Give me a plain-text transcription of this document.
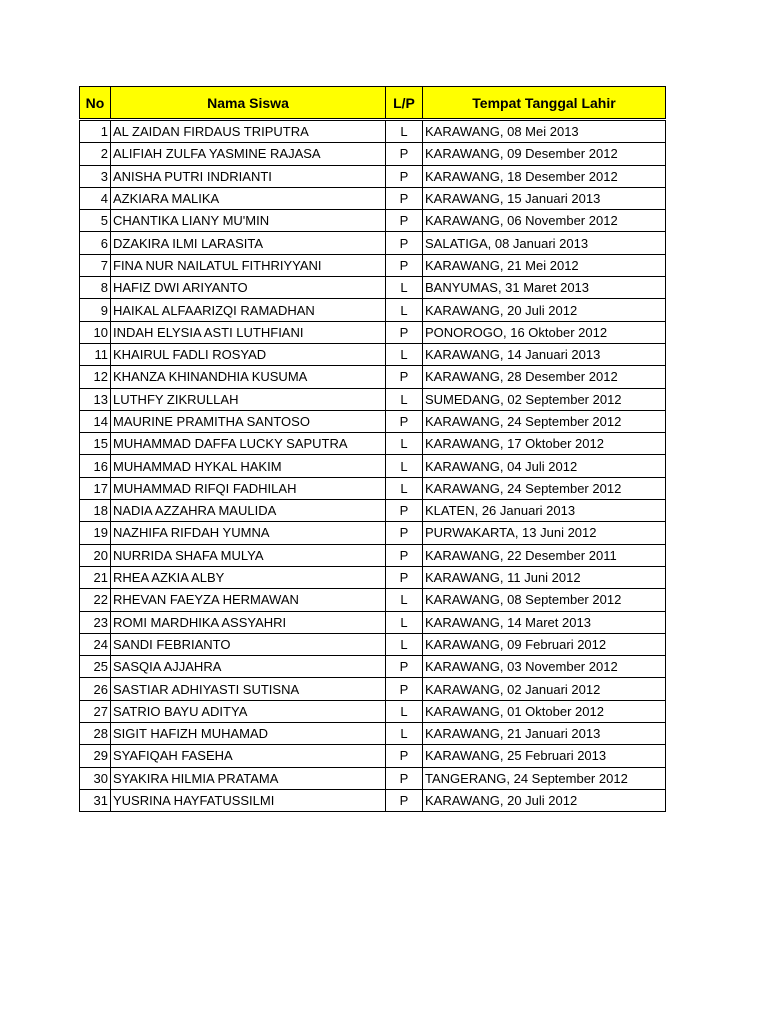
No	Nama Siswa	L/P	Tempat Tanggal Lahir
1	AL ZAIDAN FIRDAUS TRIPUTRA	L	KARAWANG, 08 Mei 2013
2	ALIFIAH ZULFA YASMINE RAJASA	P	KARAWANG, 09 Desember 2012
3	ANISHA PUTRI INDRIANTI	P	KARAWANG, 18 Desember 2012
4	AZKIARA MALIKA	P	KARAWANG, 15 Januari 2013
5	CHANTIKA LIANY MU'MIN	P	KARAWANG, 06 November 2012
6	DZAKIRA ILMI LARASITA	P	SALATIGA, 08 Januari 2013
7	FINA NUR NAILATUL FITHRIYYANI	P	KARAWANG, 21 Mei 2012
8	HAFIZ DWI ARIYANTO	L	BANYUMAS, 31 Maret 2013
9	HAIKAL ALFAARIZQI RAMADHAN	L	KARAWANG, 20 Juli 2012
10	INDAH ELYSIA ASTI LUTHFIANI	P	PONOROGO, 16 Oktober 2012
11	KHAIRUL FADLI ROSYAD	L	KARAWANG, 14 Januari 2013
12	KHANZA KHINANDHIA KUSUMA	P	KARAWANG, 28 Desember 2012
13	LUTHFY ZIKRULLAH	L	SUMEDANG, 02 September 2012
14	MAURINE PRAMITHA SANTOSO	P	KARAWANG, 24 September 2012
15	MUHAMMAD DAFFA LUCKY SAPUTRA	L	KARAWANG, 17 Oktober 2012
16	MUHAMMAD HYKAL HAKIM	L	KARAWANG, 04 Juli 2012
17	MUHAMMAD RIFQI FADHILAH	L	KARAWANG, 24 September 2012
18	NADIA AZZAHRA MAULIDA	P	KLATEN, 26 Januari 2013
19	NAZHIFA RIFDAH YUMNA	P	PURWAKARTA, 13 Juni 2012
20	NURRIDA SHAFA MULYA	P	KARAWANG, 22 Desember 2011
21	RHEA AZKIA ALBY	P	KARAWANG, 11 Juni 2012
22	RHEVAN FAEYZA HERMAWAN	L	KARAWANG, 08 September 2012
23	ROMI MARDHIKA ASSYAHRI	L	KARAWANG, 14 Maret 2013
24	SANDI FEBRIANTO	L	KARAWANG, 09 Februari 2012
25	SASQIA AJJAHRA	P	KARAWANG, 03 November 2012
26	SASTIAR ADHIYASTI SUTISNA	P	KARAWANG, 02 Januari 2012
27	SATRIO BAYU ADITYA	L	KARAWANG, 01 Oktober 2012
28	SIGIT HAFIZH MUHAMAD	L	KARAWANG, 21 Januari 2013
29	SYAFIQAH FASEHA	P	KARAWANG, 25 Februari 2013
30	SYAKIRA HILMIA PRATAMA	P	TANGERANG, 24 September 2012
31	YUSRINA HAYFATUSSILMI	P	KARAWANG, 20 Juli 2012
